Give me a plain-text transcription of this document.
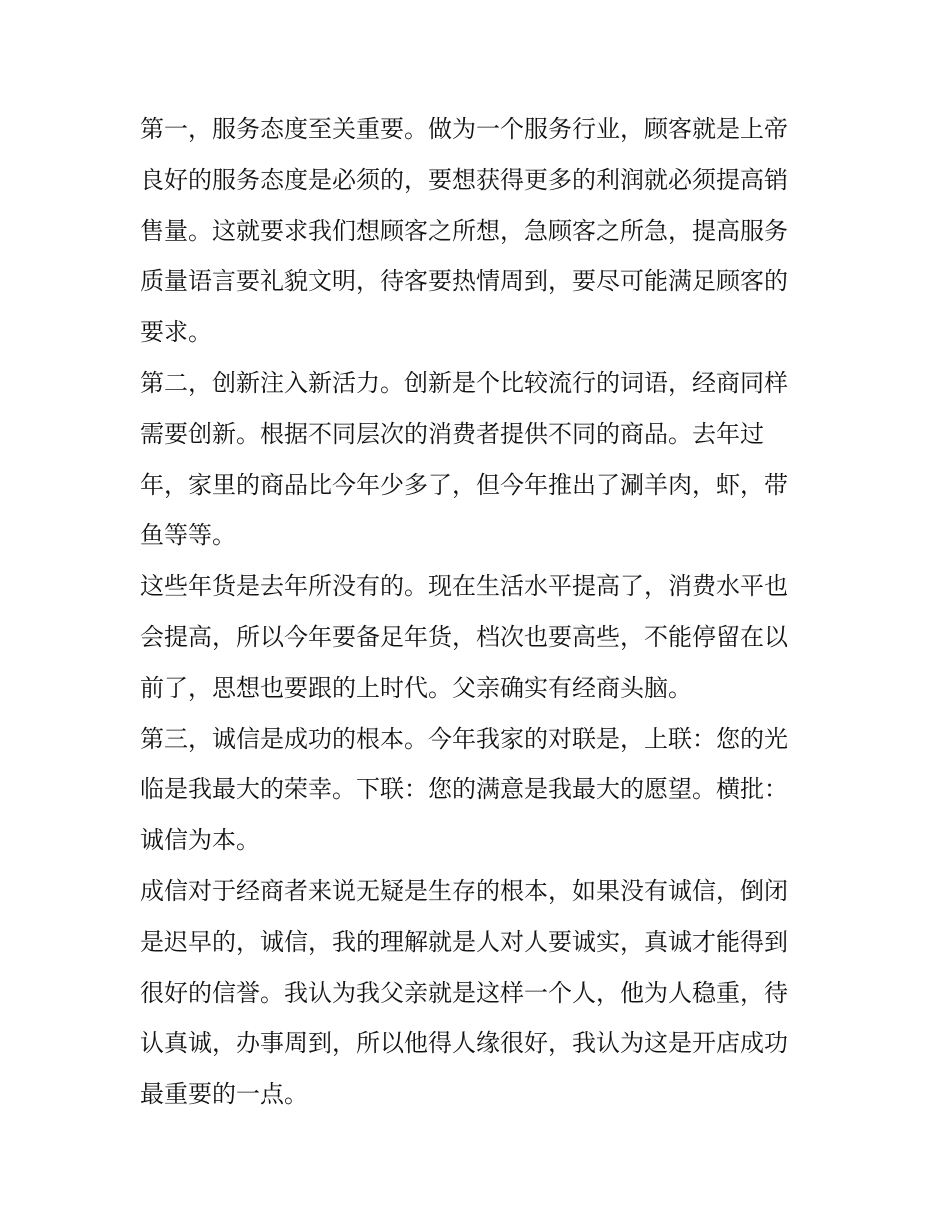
第一，服务态度至关重要。做为一个服务行业，顾客就是上帝
良好的服务态度是必须的，要想获得更多的利润就必须提高销
售量。这就要求我们想顾客之所想，急顾客之所急，提高服务
质量语言要礼貌文明，待客要热情周到，要尽可能满足顾客的
要求。
第二，创新注入新活力。创新是个比较流行的词语，经商同样
需要创新。根据不同层次的消费者提供不同的商品。去年过
年，家里的商品比今年少多了，但今年推出了涮羊肉，虾，带
鱼等等。
这些年货是去年所没有的。现在生活水平提高了，消费水平也
会提高，所以今年要备足年货，档次也要高些，不能停留在以
前了，思想也要跟的上时代。父亲确实有经商头脑。
第三，诚信是成功的根本。今年我家的对联是，上联：您的光
临是我最大的荣幸。下联：您的满意是我最大的愿望。横批：
诚信为本。
成信对于经商者来说无疑是生存的根本，如果没有诚信，倒闭
是迟早的，诚信，我的理解就是人对人要诚实，真诚才能得到
很好的信誉。我认为我父亲就是这样一个人，他为人稳重，待
认真诚，办事周到，所以他得人缘很好，我认为这是开店成功
最重要的一点。
